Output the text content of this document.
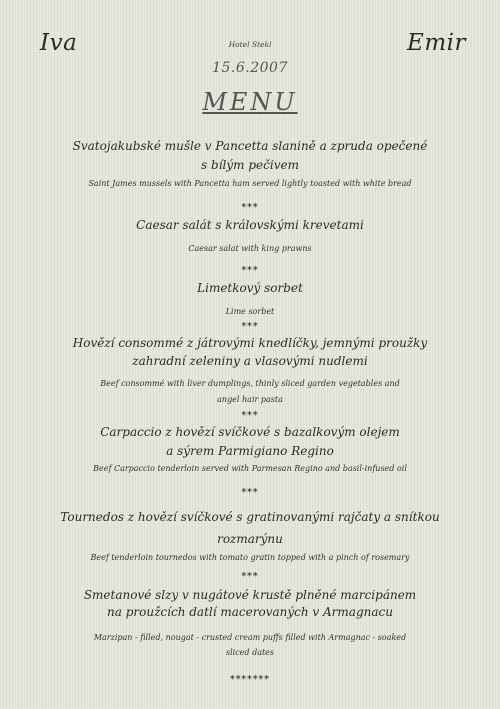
Iva	Emir
Hotel Stekl
15.6.2007
MENU
Svatojakubské mušle v Pancetta slanině a zpruda opečené
s bílým pečivem
Saint James mussels with Pancetta ham served lightly toasted with white bread
***
Caesar salát s královskými krevetami
Caesar salat with king prawns
***
Limetkový sorbet
Lime sorbet
***
Hovězí consommé z játrovými knedlíčky, jemnými proužky
zahradní zeleniny a vlasovými nudlemi
Beef consommé with liver dumplings, thinly sliced garden vegetables and
angel hair pasta
***
Carpaccio z hovězí svíčkové s bazalkovým olejem
a sýrem Parmigiano Regino
Beef Carpaccio tenderloin served with Parmesan Regino and basil-infused oil
***
Tournedos z hovězí svíčkové s gratinovanými rajčaty a snítkou
rozmarýnu
Beef tenderloin tournedos with tomato gratin topped with a pinch of rosemary
***
Smetanové slzy v nugátové krustě plněné marcipánem
na proužcích datlí macerovaných v Armagnacu
Marzipan - filled, nougat - crusted cream puffs filled with Armagnac - soaked
sliced dates
*******
